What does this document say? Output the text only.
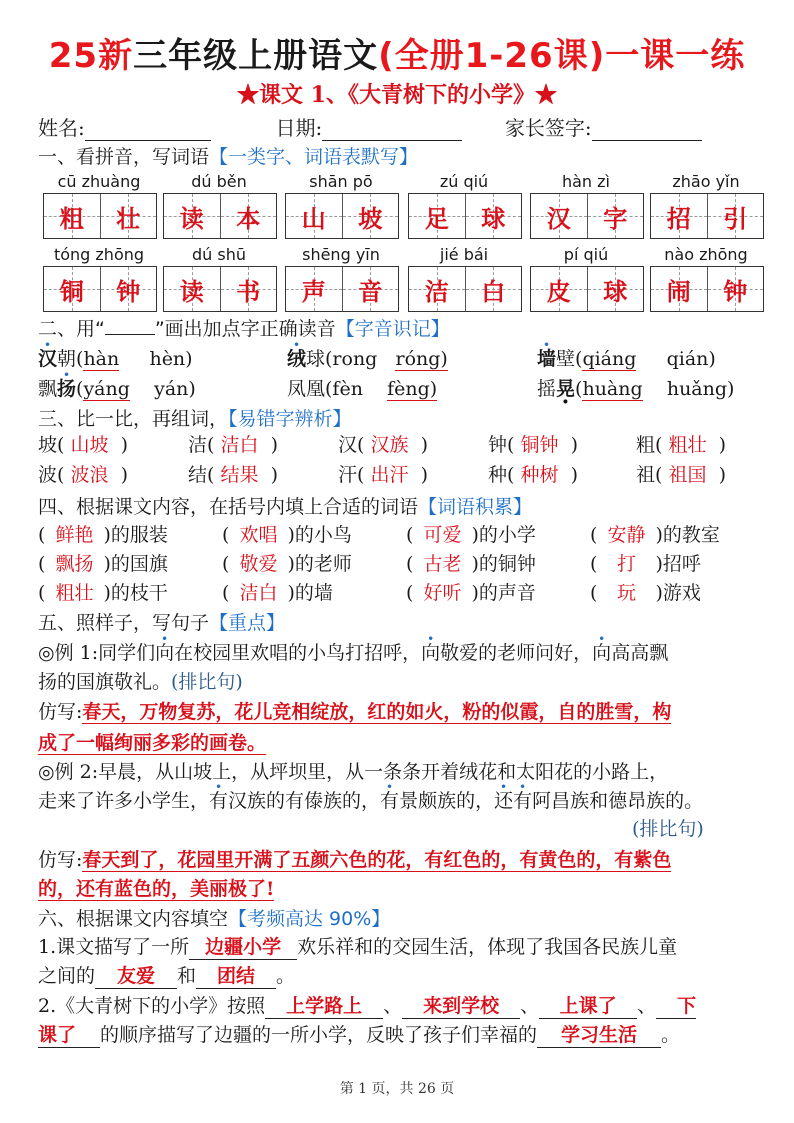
25新三年级上册语文(全册1-26课)一课一练
★课文 1、《大青树下的小学》★
姓名:	日期:	家长签字:
一、看拼音，写词语【一类字、词语表默写】
cū zhuàng
粗 壮
dú běn
读 本
shān pō
山 坡
zú qiú
足 球
hàn zì
汉 字
zhāo yǐn
招 引
tóng zhōng
铜 钟
dú shū
读 书
shēng yīn
声 音
jié bái
洁 白
pí qiú
皮 球
nào zhōng
闹 钟
二、用“	”画出加点字正确读音【字音识记】
汉朝(hàn hèn)	绒球(rong róng)	墙壁(qiáng qián)
飘扬(yáng yán)	凤凰(fèn fèng)	摇晃(huàng huǎng)
三、比一比，再组词，【易错字辨析】
坡( 山坡 )	洁( 洁白 )	汉( 汉族 )	钟( 铜钟 )	粗( 粗壮 )
波( 波浪 )	结( 结果 )	汗( 出汗 )	种( 种树 )	祖( 祖国 )
四、根据课文内容，在括号内填上合适的词语【词语积累】
( 鲜艳 )的服装	( 欢唱 )的小鸟	( 可爱 )的小学	( 安静 )的教室
( 飘扬 )的国旗	( 敬爱 )的老师	( 古老 )的铜钟	( 打 )招呼
( 粗壮 )的枝干	( 洁白 )的墙	( 好听 )的声音	( 玩 )游戏
五、照样子，写句子【重点】
◎例 1:同学们向在校园里欢唱的小鸟打招呼，向敬爱的老师问好，向高高飘
扬的国旗敬礼。(排比句)
仿写:春天，万物复苏，花儿竞相绽放，红的如火，粉的似霞，自的胜雪，构
成了一幅绚丽多彩的画卷。
◎例 2:早晨，从山坡上，从坪坝里，从一条条开着绒花和太阳花的小路上，
走来了许多小学生，有汉族的有傣族的，有景颇族的，还有阿昌族和德昂族的。
(排比句)
仿写:春天到了，花园里开满了五颜六色的花，有红色的，有黄色的，有紫色
的，还有蓝色的，美丽极了!
六、根据课文内容填空【考频高达 90%】
1.课文描写了一所 边疆小学 欢乐祥和的交园生活，体现了我国各民族儿童
之间的 友爱 和 团结 。
2.《大青树下的小学》按照 上学路上 、 来到学校 、 上课了 、 下
课了 的顺序描写了边疆的一所小学，反映了孩子们幸福的 学习生活 。
第 1 页，共 26 页
